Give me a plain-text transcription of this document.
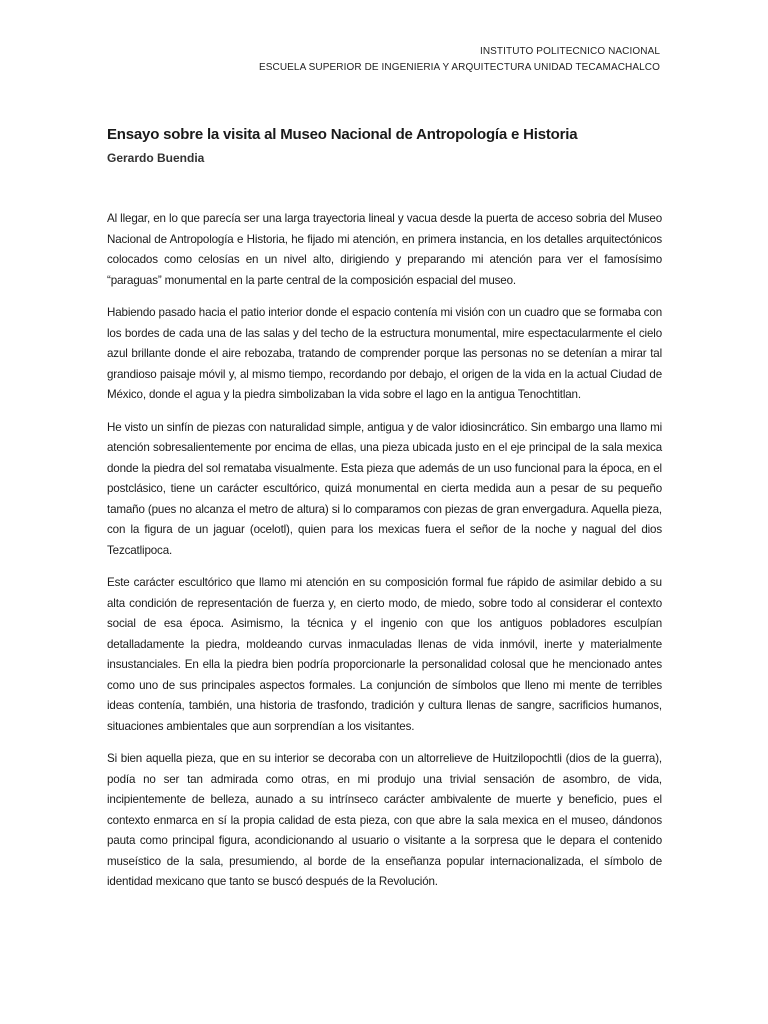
INSTITUTO POLITECNICO NACIONAL
ESCUELA SUPERIOR DE INGENIERIA Y ARQUITECTURA UNIDAD TECAMACHALCO
Ensayo sobre la visita al Museo Nacional de Antropología e Historia
Gerardo Buendia

Al llegar, en lo que parecía ser una larga trayectoria lineal y vacua desde la puerta de acceso sobria del Museo Nacional de Antropología e Historia, he fijado mi atención, en primera instancia, en los detalles arquitectónicos colocados como celosías en un nivel alto, dirigiendo y preparando mi atención para ver el famosísimo “paraguas” monumental en la parte central de la composición espacial del museo.

Habiendo pasado hacia el patio interior donde el espacio contenía mi visión con un cuadro que se formaba con los bordes de cada una de las salas y del techo de la estructura monumental, mire espectacularmente el cielo azul brillante donde el aire rebozaba, tratando de comprender porque las personas no se detenían a mirar tal grandioso paisaje móvil y, al mismo tiempo, recordando por debajo, el origen de la vida en la actual Ciudad de México, donde el agua y la piedra simbolizaban la vida sobre el lago en la antigua Tenochtitlan.

He visto un sinfín de piezas con naturalidad simple, antigua y de valor idiosincrático. Sin embargo una llamo mi atención sobresalientemente por encima de ellas, una pieza ubicada justo en el eje principal de la sala mexica donde la piedra del sol remataba visualmente. Esta pieza que además de un uso funcional para la época, en el postclásico, tiene un carácter escultórico, quizá monumental en cierta medida aun a pesar de su pequeño tamaño (pues no alcanza el metro de altura) si lo comparamos con piezas de gran envergadura. Aquella pieza, con la figura de un jaguar (ocelotl), quien para los mexicas fuera el señor de la noche y nagual del dios Tezcatlipoca.

Este carácter escultórico que llamo mi atención en su composición formal fue rápido de asimilar debido a su alta condición de representación de fuerza y, en cierto modo, de miedo, sobre todo al considerar el contexto social de esa época. Asimismo, la técnica y el ingenio con que los antiguos pobladores esculpían detalladamente la piedra, moldeando curvas inmaculadas llenas de vida inmóvil, inerte y materialmente insustanciales. En ella la piedra bien podría proporcionarle la personalidad colosal que he mencionado antes como uno de sus principales aspectos formales. La conjunción de símbolos que lleno mi mente de terribles ideas contenía, también, una historia de trasfondo, tradición y cultura llenas de sangre, sacrificios humanos, situaciones ambientales que aun sorprendían a los visitantes.

Si bien aquella pieza, que en su interior se decoraba con un altorrelieve de Huitzilopochtli (dios de la guerra), podía no ser tan admirada como otras, en mi produjo una trivial sensación de asombro, de vida, incipientemente de belleza, aunado a su intrínseco carácter ambivalente de muerte y beneficio, pues el contexto enmarca en sí la propia calidad de esta pieza, con que abre la sala mexica en el museo, dándonos pauta como principal figura, acondicionando al usuario o visitante a la sorpresa que le depara el contenido museístico de la sala, presumiendo, al borde de la enseñanza popular internacionalizada, el símbolo de identidad mexicano que tanto se buscó después de la Revolución.
